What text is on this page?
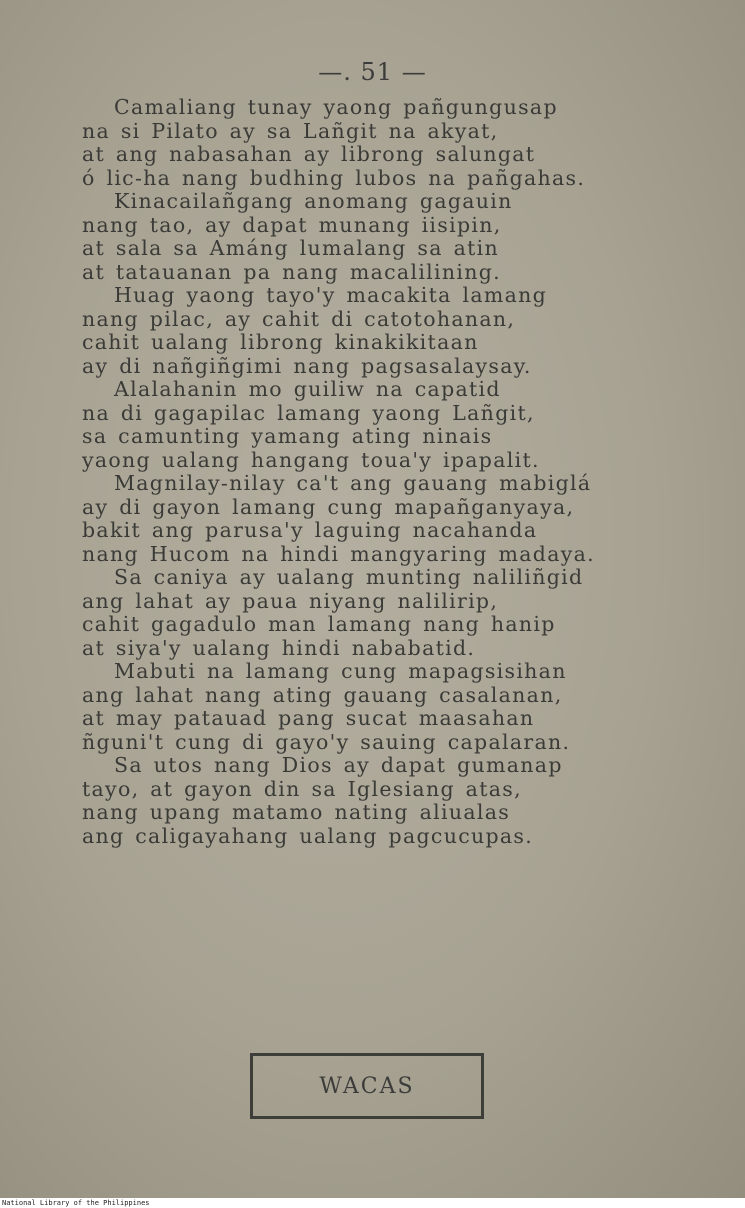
—. 51 —
Camaliang tunay yaong pañgungusap
na si Pilato ay sa Lañgit na akyat,
at ang nabasahan ay librong salungat
ó lic-ha nang budhing lubos na pañgahas.
Kinacailañgang anomang gagauin
nang tao, ay dapat munang iisipin,
at sala sa Amáng lumalang sa atin
at tatauanan pa nang macalilining.
Huag yaong tayo'y macakita lamang
nang pilac, ay cahit di catotohanan,
cahit ualang librong kinakikitaan
ay di nañgiñgimi nang pagsasalaysay.
Alalahanin mo guiliw na capatid
na di gagapilac lamang yaong Lañgit,
sa camunting yamang ating ninais
yaong ualang hangang toua'y ipapalit.
Magnilay-nilay ca't ang gauang mabiglá
ay di gayon lamang cung mapañganyaya,
bakit ang parusa'y laguing nacahanda
nang Hucom na hindi mangyaring madaya.
Sa caniya ay ualang munting naliliñgid
ang lahat ay paua niyang nalilirip,
cahit gagadulo man lamang nang hanip
at siya'y ualang hindi nababatid.
Mabuti na lamang cung mapagsisihan
ang lahat nang ating gauang casalanan,
at may patauad pang sucat maasahan
ñguni't cung di gayo'y sauing capalaran.
Sa utos nang Dios ay dapat gumanap
tayo, at gayon din sa Iglesiang atas,
nang upang matamo nating aliualas
ang caligayahang ualang pagcucupas.
WACAS
National Library of the Philippines
